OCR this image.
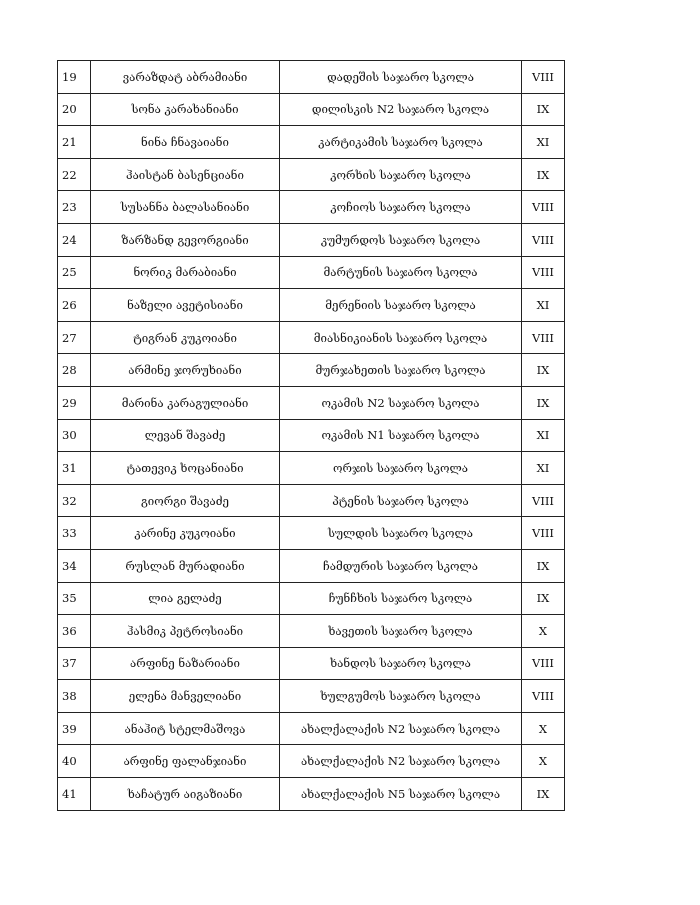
19	ვარაზდატ აბრამიანი	დადეშის საჯარო სკოლა	VIII
20	სონა კარახანიანი	დილისკის N2 საჯარო სკოლა	IX
21	ნინა ჩნავაიანი	კარტიკამის საჯარო სკოლა	XI
22	ჰაისტან ბასენციანი	კორხის საჯარო სკოლა	IX
23	სუსანნა ბალასანიანი	კოჩიოს საჯარო სკოლა	VIII
24	ზარზანდ გევორგიანი	კუმურდოს საჯარო სკოლა	VIII
25	ნორიკ მარაბიანი	მარტუნის საჯარო სკოლა	VIII
26	ნაზელი ავეტისიანი	მერენიის საჯარო სკოლა	XI
27	ტიგრან კუკოიანი	მიასნიკიანის საჯარო სკოლა	VIII
28	არმინე ჯორუხიანი	მურჯახეთის საჯარო სკოლა	IX
29	მარინა კარაგულიანი	ოკამის N2 საჯარო სკოლა	IX
30	ლევან შავაძე	ოკამის N1 საჯარო სკოლა	XI
31	ტათევიკ ხოცანიანი	ორჯის საჯარო სკოლა	XI
32	გიორგი შავაძე	პტენის საჯარო სკოლა	VIII
33	კარინე კუკოიანი	სულდის საჯარო სკოლა	VIII
34	რუსლან მურადიანი	ჩამდურის საჯარო სკოლა	IX
35	ლია გელაძე	ჩუნჩხის საჯარო სკოლა	IX
36	ჰასმიკ პეტროსიანი	ხავეთის საჯარო სკოლა	X
37	არფინე ნაზარიანი	ხანდოს საჯარო სკოლა	VIII
38	ელენა მანველიანი	ხულგუმოს საჯარო სკოლა	VIII
39	ანაჰიტ სტელმაშოვა	ახალქალაქის N2 საჯარო სკოლა	X
40	არფინე ფალანჯიანი	ახალქალაქის N2 საჯარო სკოლა	X
41	ხაჩატურ აიგაზიანი	ახალქალაქის N5 საჯარო სკოლა	IX
